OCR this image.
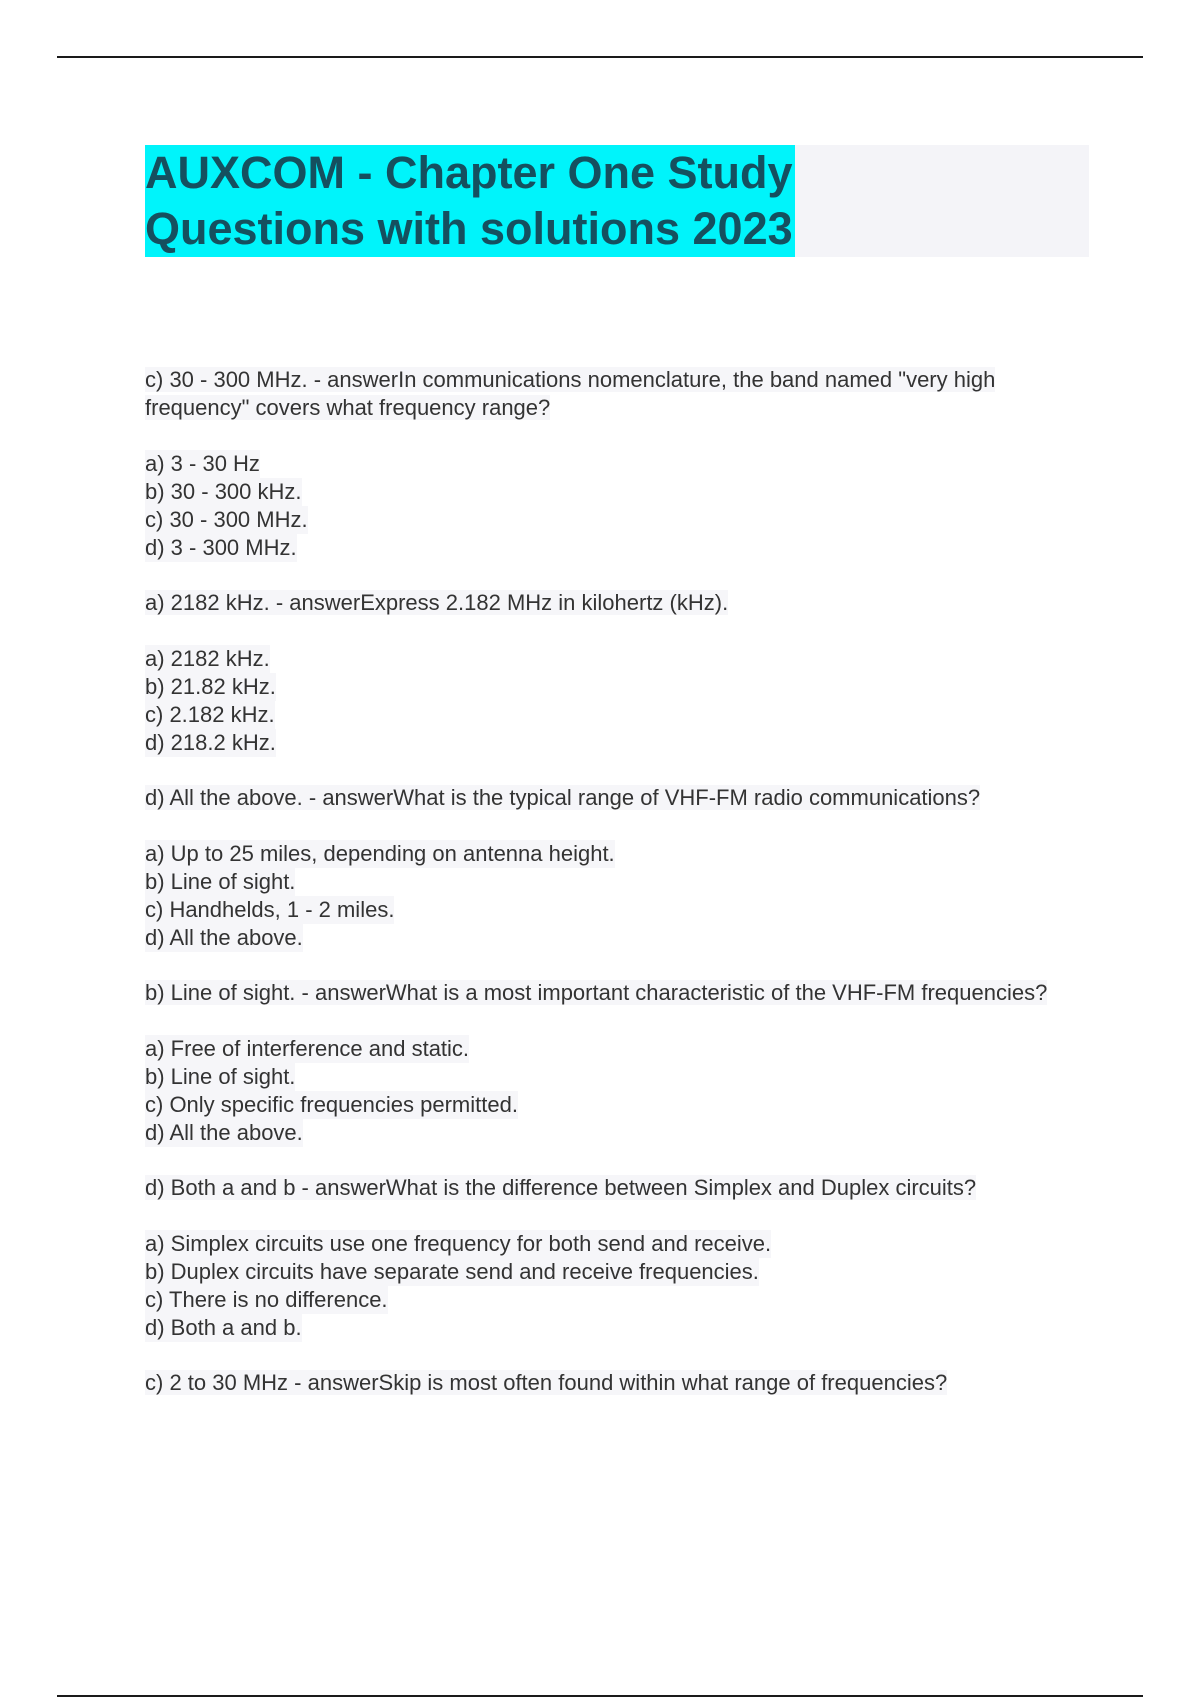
AUXCOM - Chapter One Study
Questions with solutions 2023

c) 30 - 300 MHz. - answerIn communications nomenclature, the band named "very high frequency" covers what frequency range?

a) 3 - 30 Hz
b) 30 - 300 kHz.
c) 30 - 300 MHz.
d) 3 - 300 MHz.

a) 2182 kHz. - answerExpress 2.182 MHz in kilohertz (kHz).

a) 2182 kHz.
b) 21.82 kHz.
c) 2.182 kHz.
d) 218.2 kHz.

d) All the above. - answerWhat is the typical range of VHF-FM radio communications?

a) Up to 25 miles, depending on antenna height.
b) Line of sight.
c) Handhelds, 1 - 2 miles.
d) All the above.

b) Line of sight. - answerWhat is a most important characteristic of the VHF-FM frequencies?

a) Free of interference and static.
b) Line of sight.
c) Only specific frequencies permitted.
d) All the above.

d) Both a and b - answerWhat is the difference between Simplex and Duplex circuits?

a) Simplex circuits use one frequency for both send and receive.
b) Duplex circuits have separate send and receive frequencies.
c) There is no difference.
d) Both a and b.

c) 2 to 30 MHz - answerSkip is most often found within what range of frequencies?
